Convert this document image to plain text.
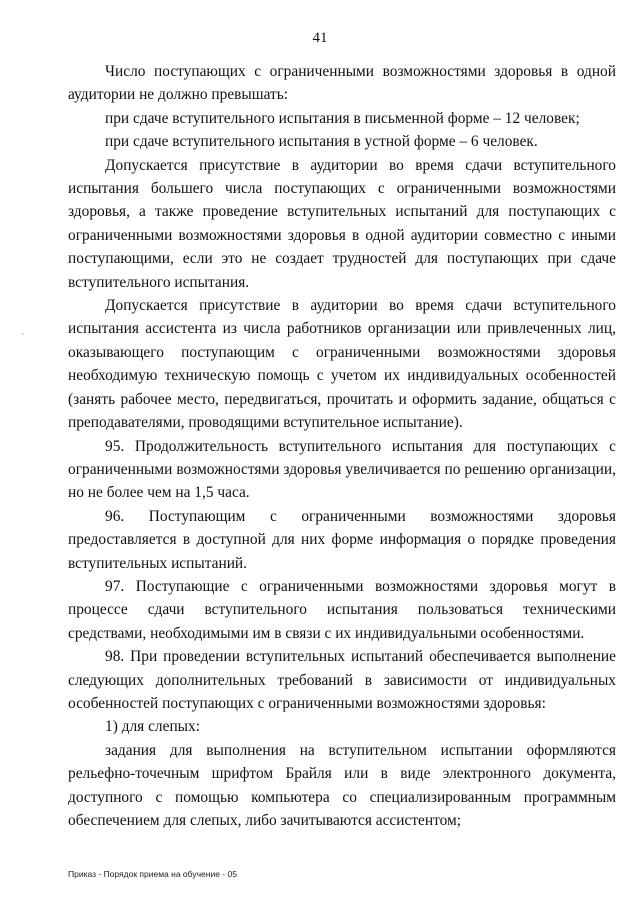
41

Число поступающих с ограниченными возможностями здоровья в одной аудитории не должно превышать:

при сдаче вступительного испытания в письменной форме – 12 человек;

при сдаче вступительного испытания в устной форме – 6 человек.

Допускается присутствие в аудитории во время сдачи вступительного испытания большего числа поступающих с ограниченными возможностями здоровья, а также проведение вступительных испытаний для поступающих с ограниченными возможностями здоровья в одной аудитории совместно с иными поступающими, если это не создает трудностей для поступающих при сдаче вступительного испытания.

Допускается присутствие в аудитории во время сдачи вступительного испытания ассистента из числа работников организации или привлеченных лиц, оказывающего поступающим с ограниченными возможностями здоровья необходимую техническую помощь с учетом их индивидуальных особенностей (занять рабочее место, передвигаться, прочитать и оформить задание, общаться с преподавателями, проводящими вступительное испытание).

95. Продолжительность вступительного испытания для поступающих с ограниченными возможностями здоровья увеличивается по решению организации, но не более чем на 1,5 часа.

96. Поступающим с ограниченными возможностями здоровья предоставляется в доступной для них форме информация о порядке проведения вступительных испытаний.

97. Поступающие с ограниченными возможностями здоровья могут в процессе сдачи вступительного испытания пользоваться техническими средствами, необходимыми им в связи с их индивидуальными особенностями.

98. При проведении вступительных испытаний обеспечивается выполнение следующих дополнительных требований в зависимости от индивидуальных особенностей поступающих с ограниченными возможностями здоровья:

1) для слепых:

задания для выполнения на вступительном испытании оформляются рельефно-точечным шрифтом Брайля или в виде электронного документа, доступного с помощью компьютера со специализированным программным обеспечением для слепых, либо зачитываются ассистентом;

Приказ - Порядок приема на обучение - 05
